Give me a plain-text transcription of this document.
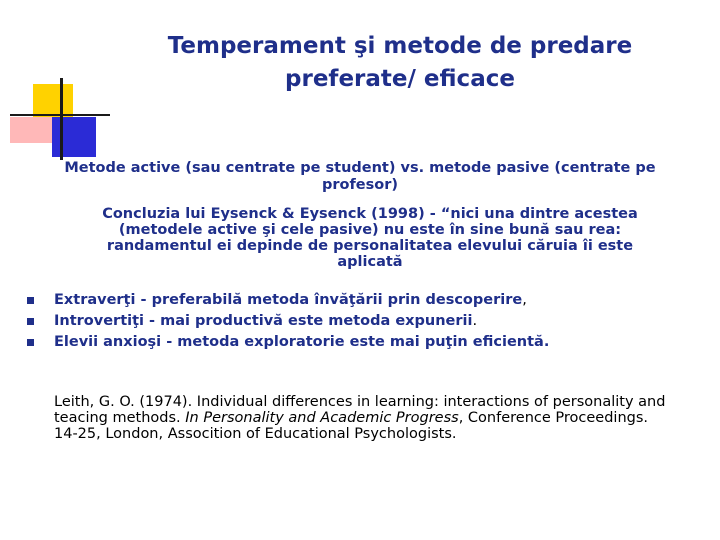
Temperament şi metode de predare
preferate/ eficace
Metode active (sau centrate pe student) vs. metode pasive (centrate pe
profesor)
Concluzia lui Eysenck & Eysenck (1998) - “nici una dintre acestea
(metodele active şi cele pasive) nu este în sine bună sau rea:
randamentul ei depinde de personalitatea elevului căruia îi este
aplicată
Extraverţi - preferabilă metoda învăţării prin descoperire,
Introvertiţi - mai productivă este metoda expunerii.
Elevii anxioşi - metoda exploratorie este mai puţin eficientă.
Leith, G. O. (1974). Individual differences in learning: interactions of personality and teacing methods. In Personality and Academic Progress, Conference Proceedings. 14-25, London, Assocition of Educational Psychologists.
